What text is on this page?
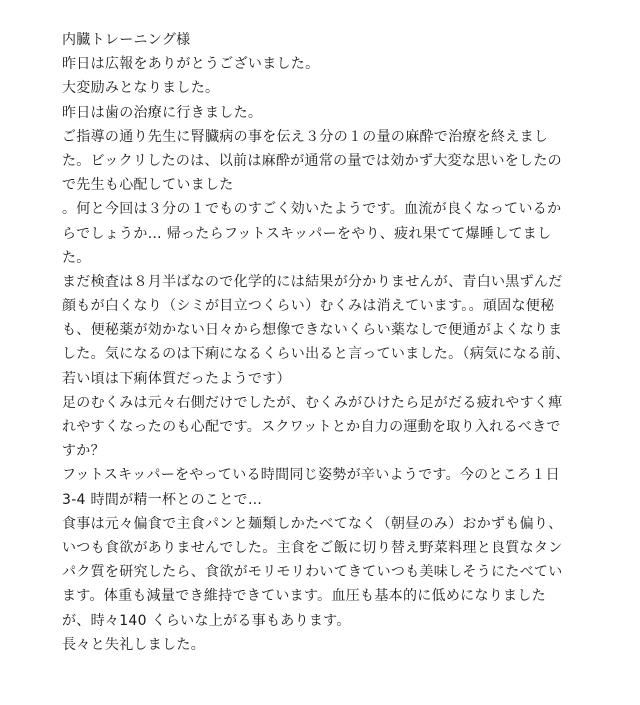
内臓トレーニング様
昨日は広報をありがとうございました。
大変励みとなりました。
昨日は歯の治療に行きました。
ご指導の通り先生に腎臓病の事を伝え３分の１の量の麻酔で治療を終えまし
た。ビックリしたのは、以前は麻酔が通常の量では効かず大変な思いをしたの
で先生も心配していました
。何と今回は３分の１でものすごく効いたようです。血流が良くなっているか
らでしょうか… 帰ったらフットスキッパーをやり、疲れ果てて爆睡してまし
た。
まだ検査は８月半ばなので化学的には結果が分かりませんが、青白い黒ずんだ
顔もが白くなり（シミが目立つくらい）むくみは消えています。。頑固な便秘
も、便秘薬が効かない日々から想像できないくらい薬なしで便通がよくなりま
した。気になるのは下痢になるくらい出ると言っていました。（病気になる前、
若い頃は下痢体質だったようです）
足のむくみは元々右側だけでしたが、むくみがひけたら足がだる疲れやすく痺
れやすくなったのも心配です。スクワットとか自力の運動を取り入れるべきで
すか？
フットスキッパーをやっている時間同じ姿勢が辛いようです。今のところ１日
3-4 時間が精一杯とのことで…
食事は元々偏食で主食パンと麺類しかたべてなく（朝昼のみ）おかずも偏り、
いつも食欲がありませんでした。主食をご飯に切り替え野菜料理と良質なタン
パク質を研究したら、食欲がモリモリわいてきていつも美味しそうにたべてい
ます。体重も減量でき維持できています。血圧も基本的に低めになりました
が、時々140 くらいな上がる事もあります。
長々と失礼しました。
